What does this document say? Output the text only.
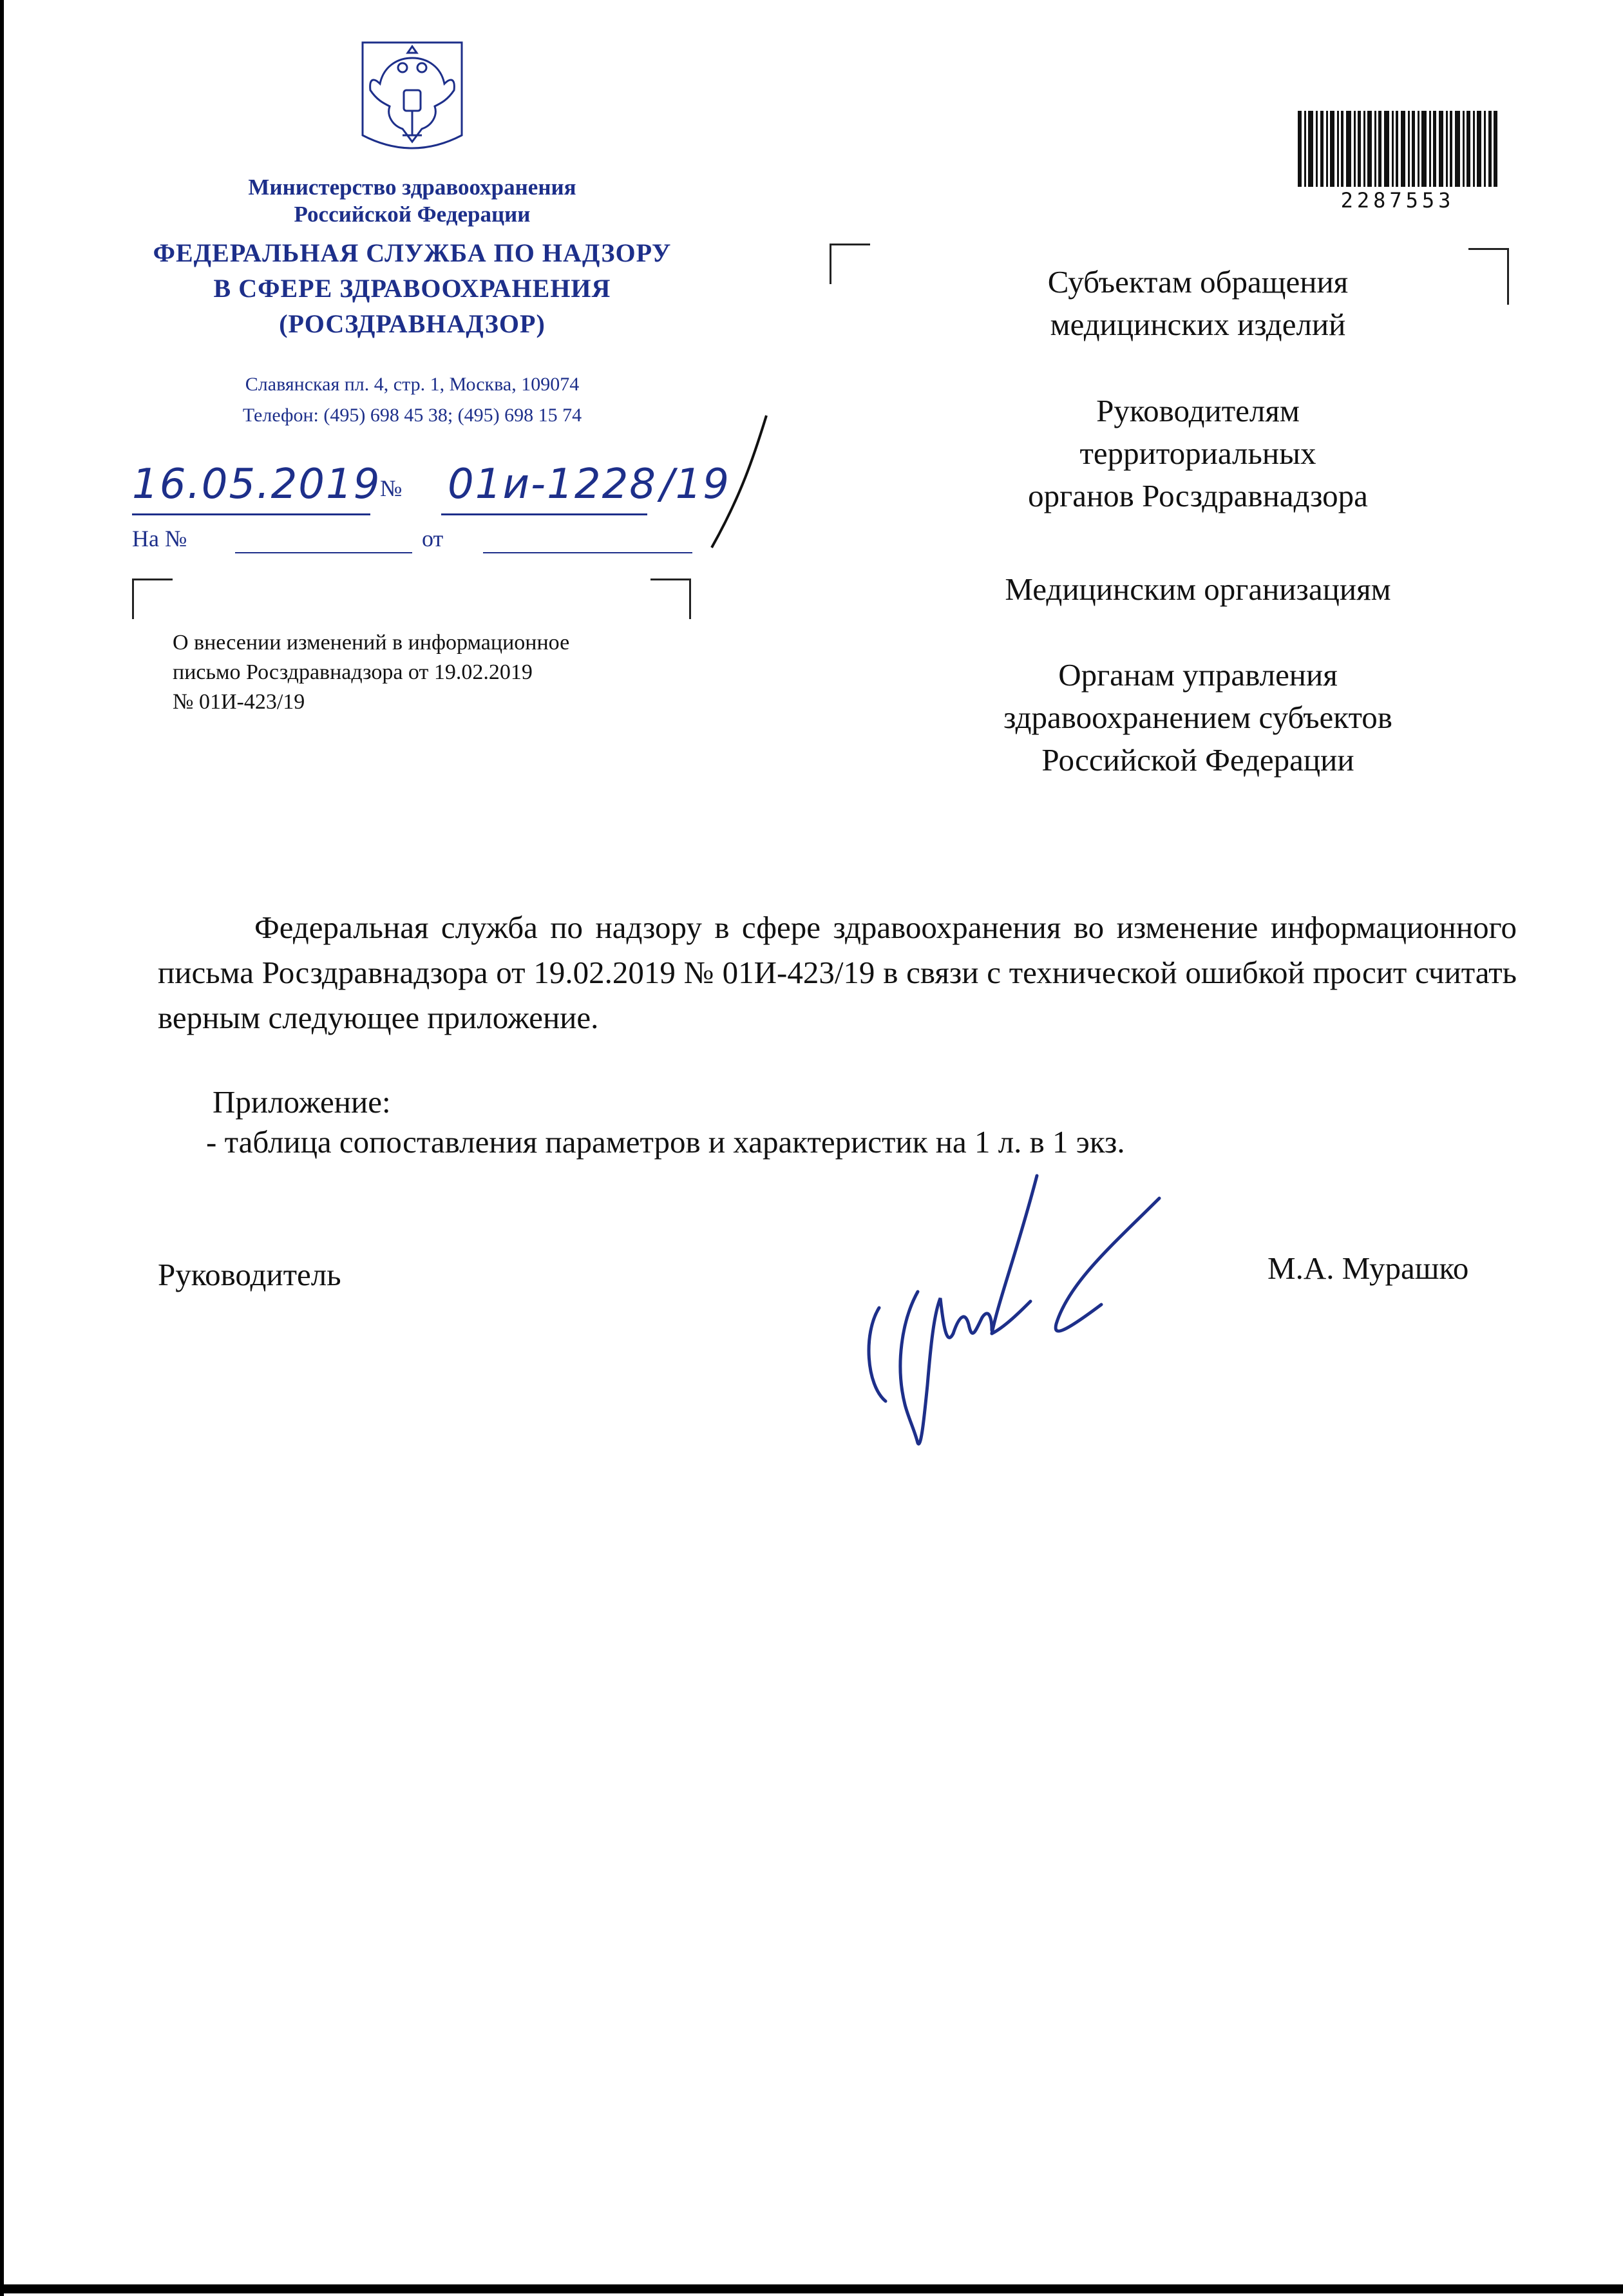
Министерство здравоохранения
Российской Федерации
ФЕДЕРАЛЬНАЯ СЛУЖБА ПО НАДЗОРУ
В СФЕРЕ ЗДРАВООХРАНЕНИЯ
(РОСЗДРАВНАДЗОР)
Славянская пл. 4, стр. 1, Москва, 109074
Телефон: (495) 698 45 38; (495) 698 15 74
16.05.2019
№ 01и-1228 /19
На №	от
О внесении изменений в информационное
письмо Росздравнадзора от 19.02.2019
№ 01И-423/19
2287553
Субъектам обращения
медицинских изделий
Руководителям
территориальных
органов Росздравнадзора
Медицинским организациям
Органам управления
здравоохранением субъектов
Российской Федерации
Федеральная служба по надзору в сфере здравоохранения во изменение информационного письма Росздравнадзора от 19.02.2019 № 01И-423/19 в связи с технической ошибкой просит считать верным следующее приложение.
Приложение:
- таблица сопоставления параметров и характеристик на 1 л. в 1 экз.
Руководитель	М.А. Мурашко
